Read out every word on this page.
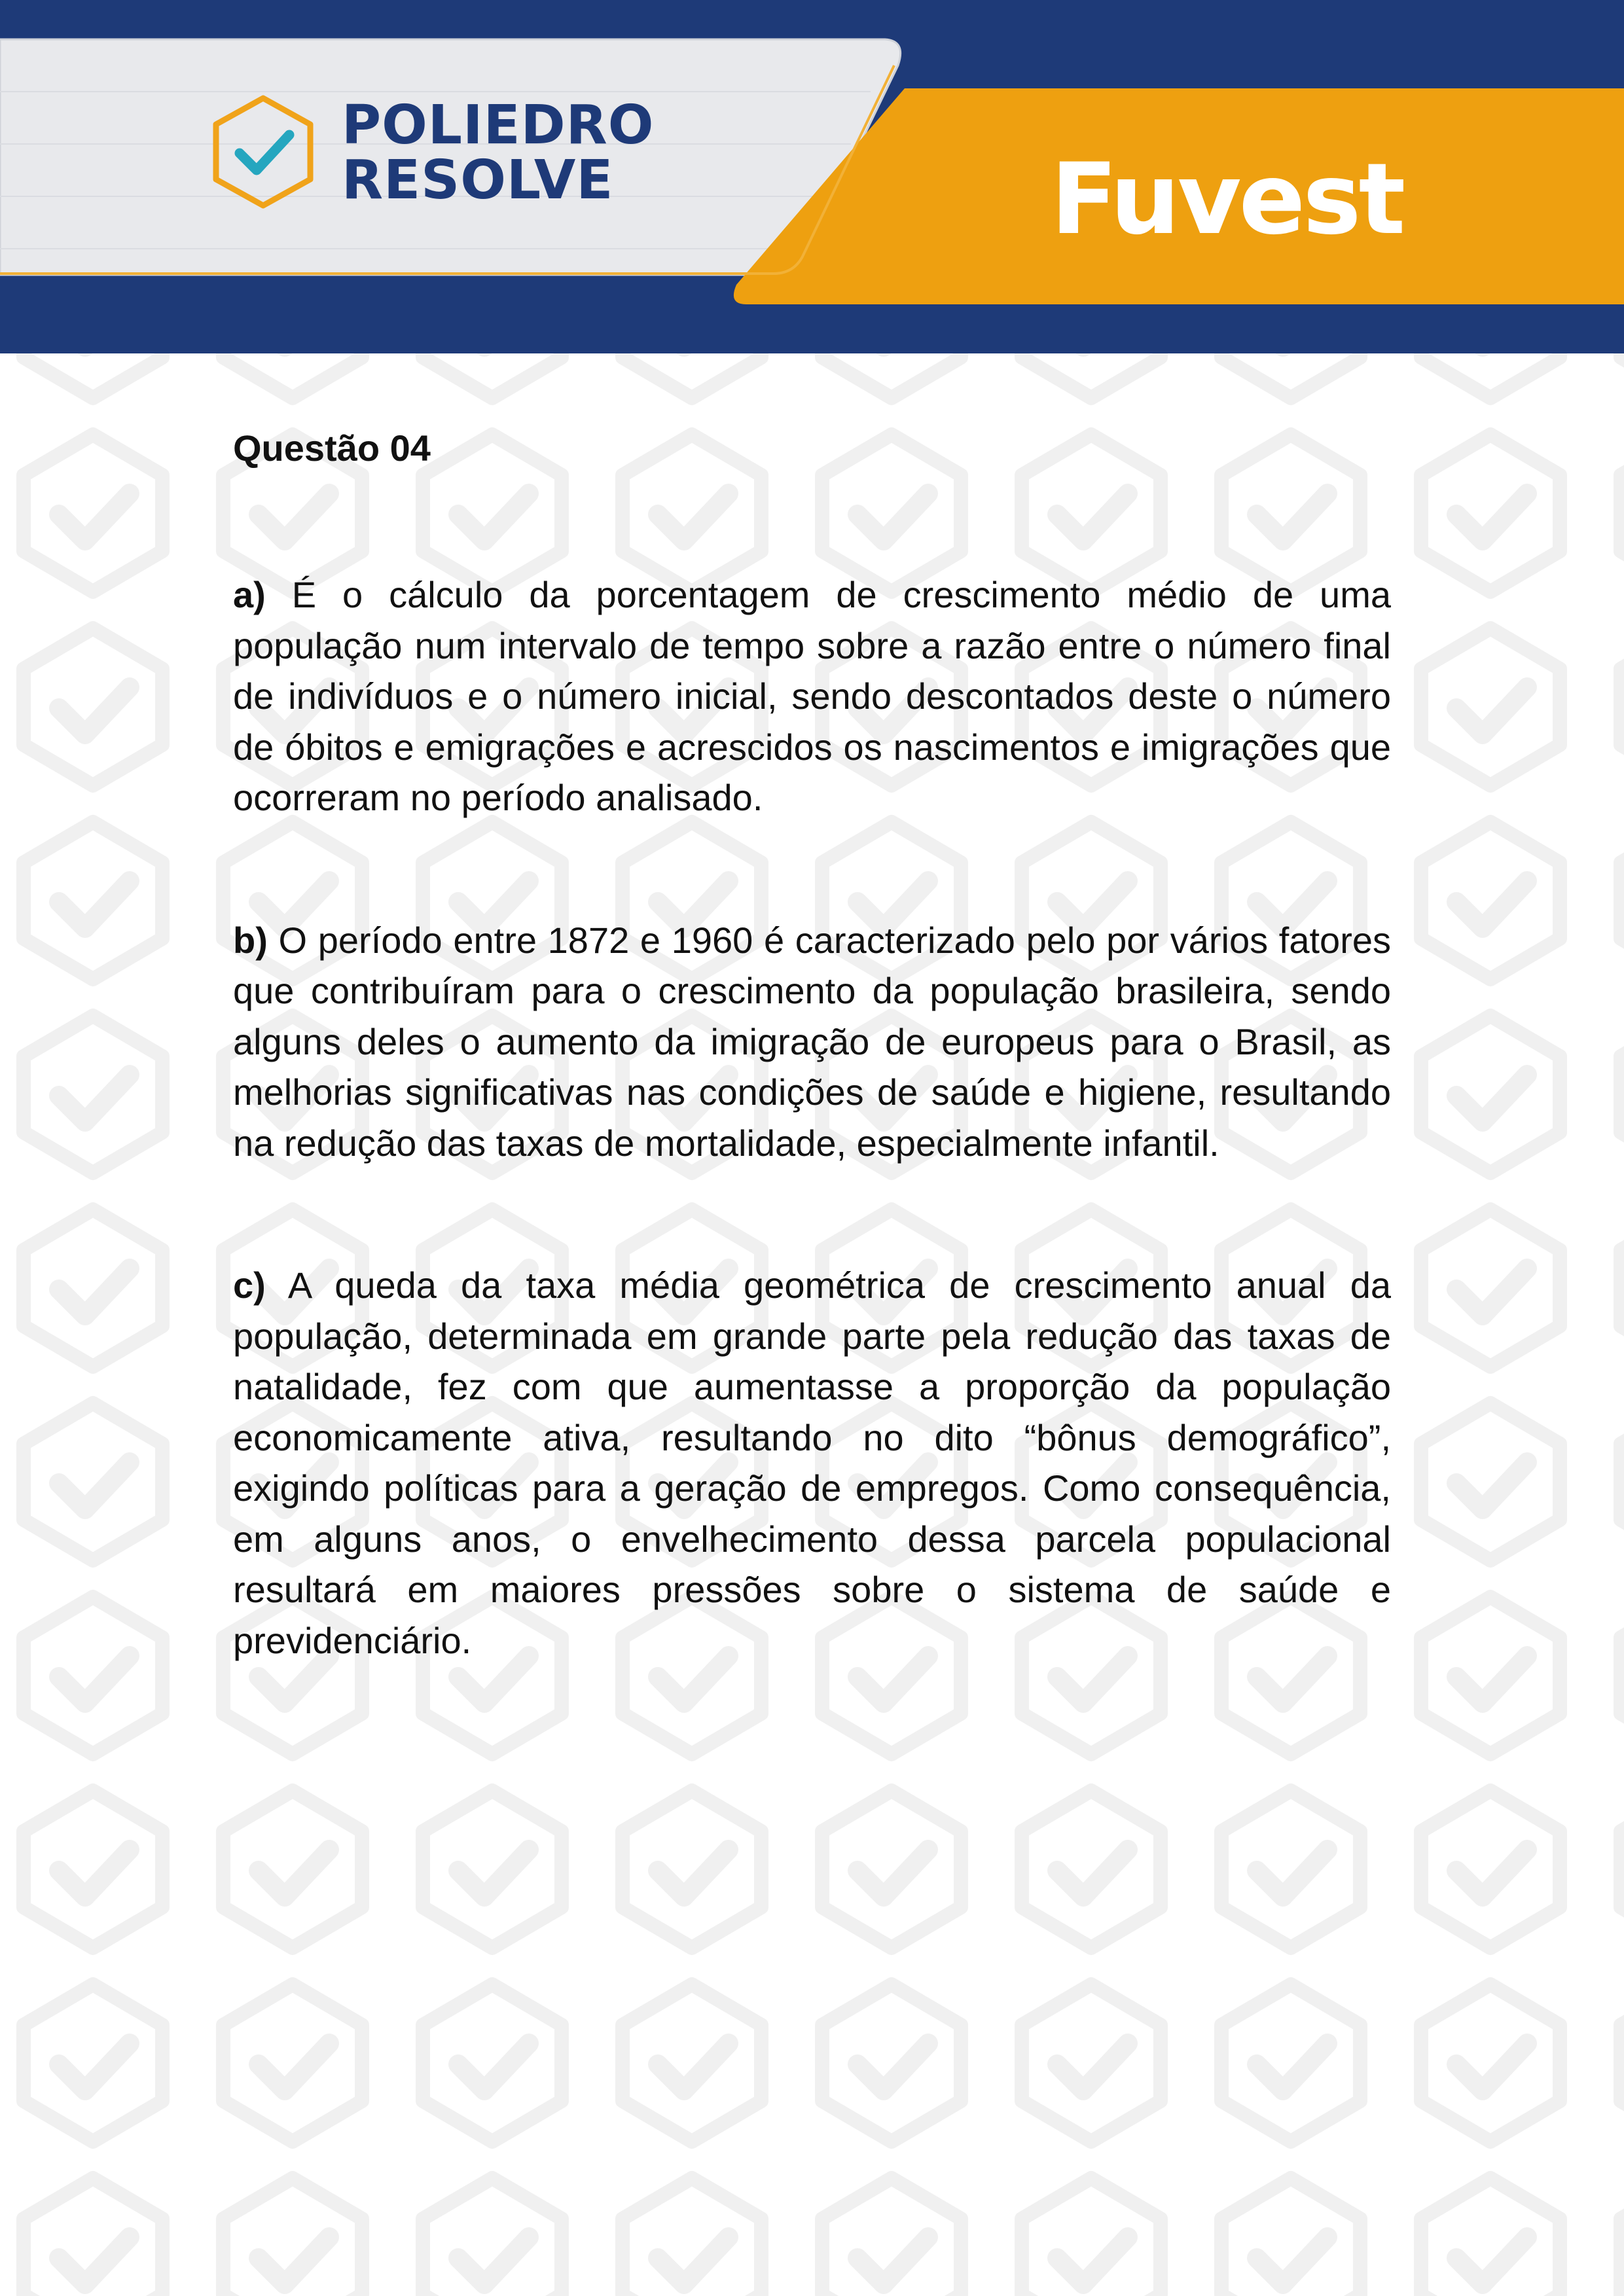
POLIEDRO
RESOLVE	Fuvest
Questão 04

a) É o cálculo da porcentagem de crescimento médio de uma população num intervalo de tempo sobre a razão entre o número final de indivíduos e o número inicial, sendo descontados deste o número de óbitos e emigrações e acrescidos os nascimentos e imigrações que ocorreram no período analisado.

b) O período entre 1872 e 1960 é caracterizado pelo por vários fatores que contribuíram para o crescimento da população brasileira, sendo alguns deles o aumento da imigração de europeus para o Brasil, as melhorias significativas nas condições de saúde e higiene, resultando na redução das taxas de mortalidade, especialmente infantil.

c) A queda da taxa média geométrica de crescimento anual da população, determinada em grande parte pela redução das taxas de natalidade, fez com que aumentasse a proporção da população economicamente ativa, resultando no dito “bônus demográfico”, exigindo políticas para a geração de empregos. Como consequência, em alguns anos, o envelhecimento dessa parcela populacional resultará em maiores pressões sobre o sistema de saúde e previdenciário.
